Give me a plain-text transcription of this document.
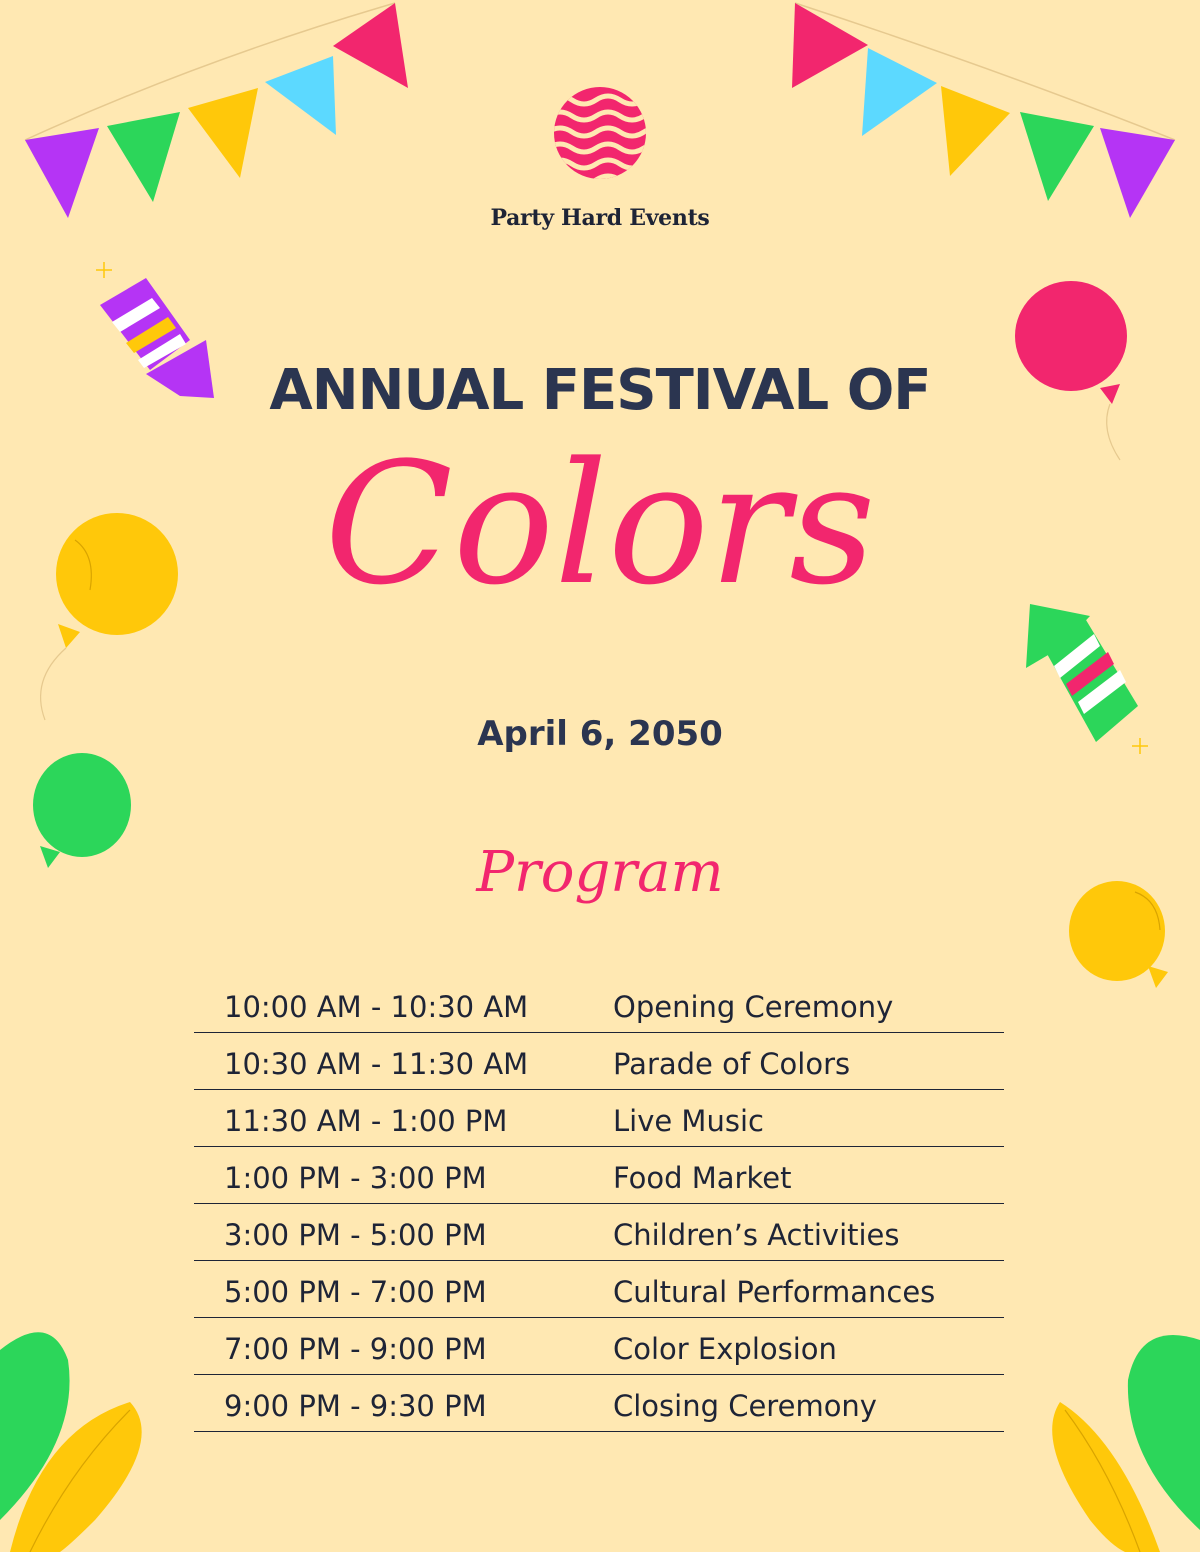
Party Hard Events
ANNUAL FESTIVAL OF
Colors
April 6, 2050
Program
10:00 AM - 10:30 AM	Opening Ceremony
10:30 AM - 11:30 AM	Parade of Colors
11:30 AM - 1:00 PM	Live Music
1:00 PM - 3:00 PM	Food Market
3:00 PM - 5:00 PM	Children’s Activities
5:00 PM - 7:00 PM	Cultural Performances
7:00 PM - 9:00 PM	Color Explosion
9:00 PM - 9:30 PM	Closing Ceremony
